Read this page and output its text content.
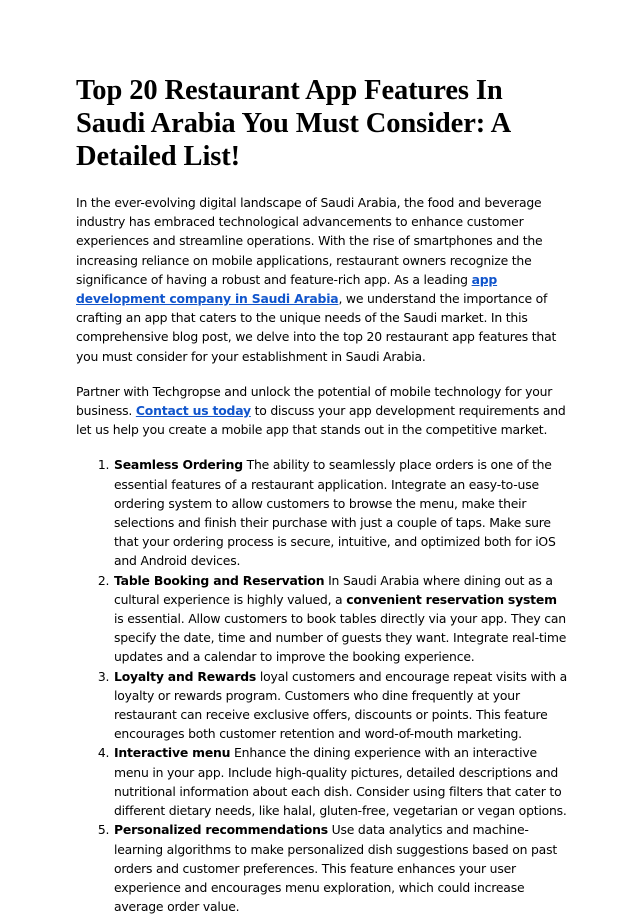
Top 20 Restaurant App Features In Saudi Arabia You Must Consider: A Detailed List!

In the ever-evolving digital landscape of Saudi Arabia, the food and beverage industry has embraced technological advancements to enhance customer experiences and streamline operations. With the rise of smartphones and the increasing reliance on mobile applications, restaurant owners recognize the significance of having a robust and feature-rich app. As a leading app development company in Saudi Arabia, we understand the importance of crafting an app that caters to the unique needs of the Saudi market. In this comprehensive blog post, we delve into the top 20 restaurant app features that you must consider for your establishment in Saudi Arabia.

Partner with Techgropse and unlock the potential of mobile technology for your business. Contact us today to discuss your app development requirements and let us help you create a mobile app that stands out in the competitive market.

1. Seamless Ordering The ability to seamlessly place orders is one of the essential features of a restaurant application. Integrate an easy-to-use ordering system to allow customers to browse the menu, make their selections and finish their purchase with just a couple of taps. Make sure that your ordering process is secure, intuitive, and optimized both for iOS and Android devices.
2. Table Booking and Reservation In Saudi Arabia where dining out as a cultural experience is highly valued, a convenient reservation system is essential. Allow customers to book tables directly via your app. They can specify the date, time and number of guests they want. Integrate real-time updates and a calendar to improve the booking experience.
3. Loyalty and Rewards loyal customers and encourage repeat visits with a loyalty or rewards program. Customers who dine frequently at your restaurant can receive exclusive offers, discounts or points. This feature encourages both customer retention and word-of-mouth marketing.
4. Interactive menu Enhance the dining experience with an interactive menu in your app. Include high-quality pictures, detailed descriptions and nutritional information about each dish. Consider using filters that cater to different dietary needs, like halal, gluten-free, vegetarian or vegan options.
5. Personalized recommendations Use data analytics and machine-learning algorithms to make personalized dish suggestions based on past orders and customer preferences. This feature enhances your user experience and encourages menu exploration, which could increase average order value.
